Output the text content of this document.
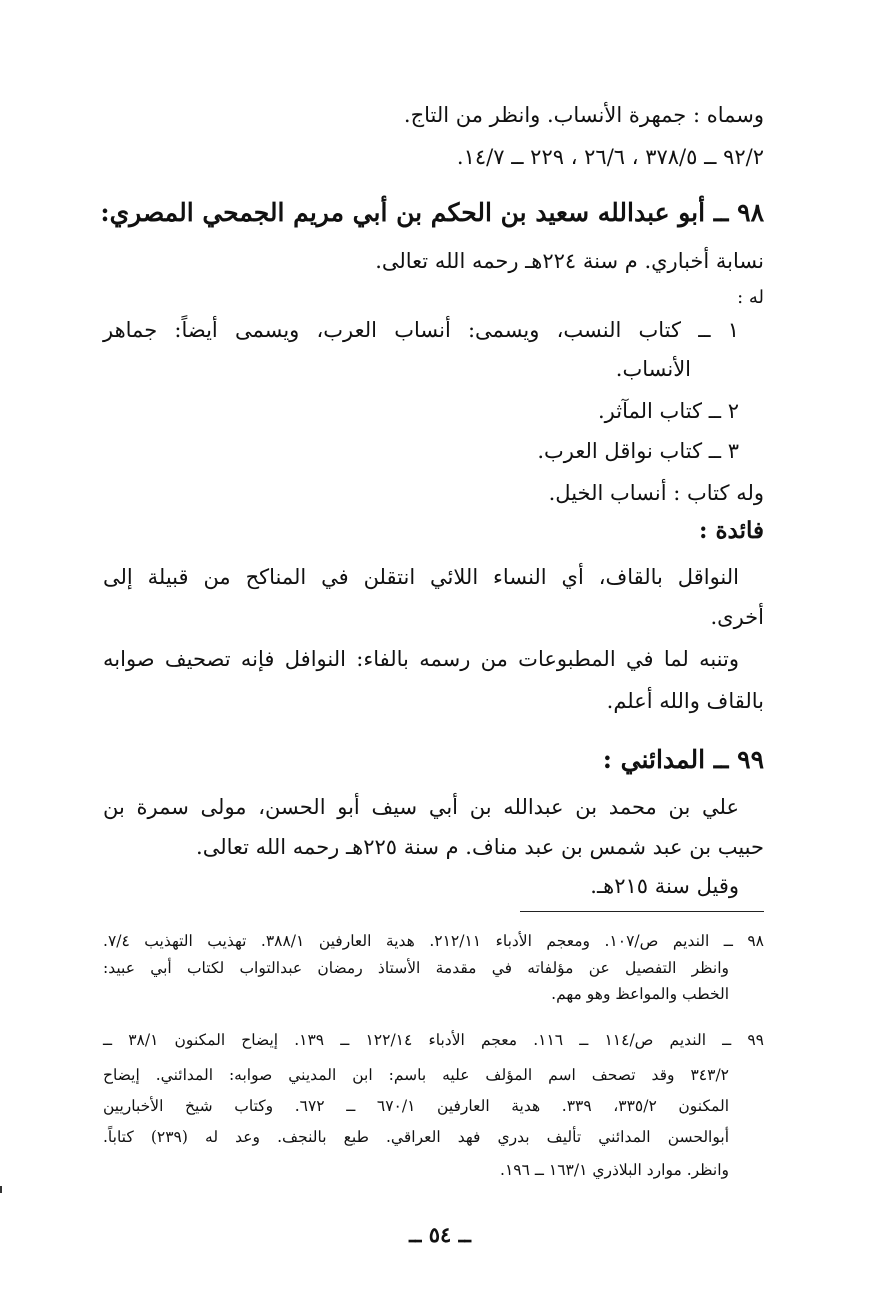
وسماه : جمهرة الأنساب. وانظر من التاج.
٩٢/٢ ــ ٣٧٨/٥ ، ٢٦/٦ ، ٢٢٩ ــ ١٤/٧.
٩٨ ــ أبو عبدالله سعيد بن الحكم بن أبي مريم الجمحي المصري:
نسابة أخباري. م سنة ٢٢٤هـ رحمه الله تعالى.
له :
١ ــ كتاب النسب، ويسمى: أنساب العرب، ويسمى أيضاً: جماهر
الأنساب.
٢ ــ كتاب المآثر.
٣ ــ كتاب نواقل العرب.
وله كتاب : أنساب الخيل.
فائدة :
النواقل بالقاف، أي النساء اللائي انتقلن في المناكح من قبيلة إلى
أخرى.
وتنبه لما في المطبوعات من رسمه بالفاء: النوافل فإنه تصحيف صوابه
بالقاف والله أعلم.
٩٩ ــ المدائني :
علي بن محمد بن عبدالله بن أبي سيف أبو الحسن، مولى سمرة بن
حبيب بن عبد شمس بن عبد مناف. م سنة ٢٢٥هـ رحمه الله تعالى.
وقيل سنة ٢١٥هـ.
٩٨ ــ النديم ص/١٠٧. ومعجم الأدباء ٢١٢/١١. هدية العارفين ٣٨٨/١. تهذيب التهذيب ٧/٤.
وانظر التفصيل عن مؤلفاته في مقدمة الأستاذ رمضان عبدالتواب لكتاب أبي عبيد:
الخطب والمواعظ وهو مهم.
٩٩ ــ النديم ص/١١٤ ــ ١١٦. معجم الأدباء ١٢٢/١٤ ــ ١٣٩. إيضاح المكنون ٣٨/١ ــ
٣٤٣/٢ وقد تصحف اسم المؤلف عليه باسم: ابن المديني صوابه: المدائني. إيضاح
المكنون ٣٣٥/٢، ٣٣٩. هدية العارفين ٦٧٠/١ ــ ٦٧٢. وكتاب شيخ الأخباريين
أبوالحسن المدائني تأليف بدري فهد العراقي. طبع بالنجف. وعد له (٢٣٩) كتاباً.
وانظر. موارد البلاذري ١٦٣/١ ــ ١٩٦.
ــ ٥٤ ــ
